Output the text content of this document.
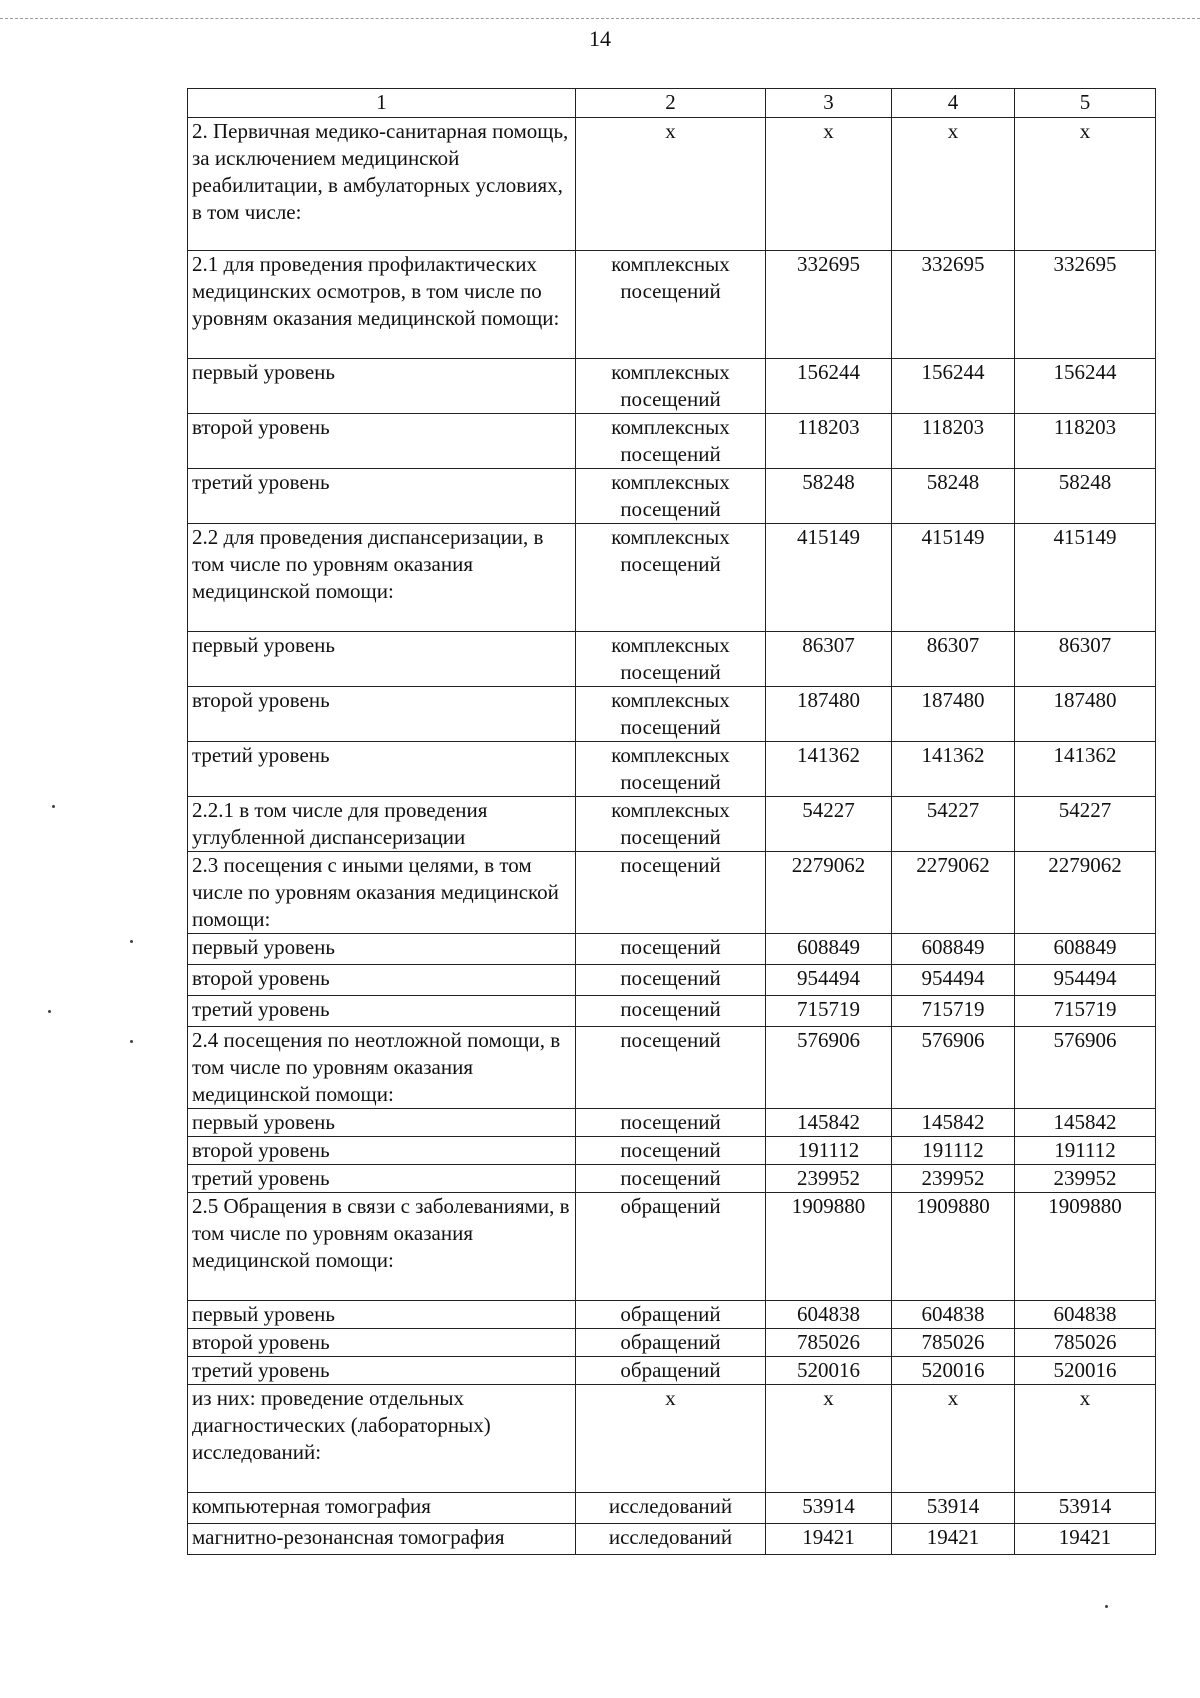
14
1	2	3	4	5
2. Первичная медико-санитарная помощь, за исключением медицинской реабилитации, в амбулаторных условиях, в том числе:	х	х	х	х
2.1 для проведения профилактических медицинских осмотров, в том числе по уровням оказания медицинской помощи:	комплексных посещений	332695	332695	332695
первый уровень	комплексных посещений	156244	156244	156244
второй уровень	комплексных посещений	118203	118203	118203
третий уровень	комплексных посещений	58248	58248	58248
2.2 для проведения диспансеризации, в том числе по уровням оказания медицинской помощи:	комплексных посещений	415149	415149	415149
первый уровень	комплексных посещений	86307	86307	86307
второй уровень	комплексных посещений	187480	187480	187480
третий уровень	комплексных посещений	141362	141362	141362
2.2.1 в том числе для проведения углубленной диспансеризации	комплексных посещений	54227	54227	54227
2.3 посещения с иными целями, в том числе по уровням оказания медицинской помощи:	посещений	2279062	2279062	2279062
первый уровень	посещений	608849	608849	608849
второй уровень	посещений	954494	954494	954494
третий уровень	посещений	715719	715719	715719
2.4 посещения по неотложной помощи, в том числе по уровням оказания медицинской помощи:	посещений	576906	576906	576906
первый уровень	посещений	145842	145842	145842
второй уровень	посещений	191112	191112	191112
третий уровень	посещений	239952	239952	239952
2.5 Обращения в связи с заболеваниями, в том числе по уровням оказания медицинской помощи:	обращений	1909880	1909880	1909880
первый уровень	обращений	604838	604838	604838
второй уровень	обращений	785026	785026	785026
третий уровень	обращений	520016	520016	520016
из них: проведение отдельных диагностических (лабораторных) исследований:	х	х	х	х
компьютерная томография	исследований	53914	53914	53914
магнитно-резонансная томография	исследований	19421	19421	19421
